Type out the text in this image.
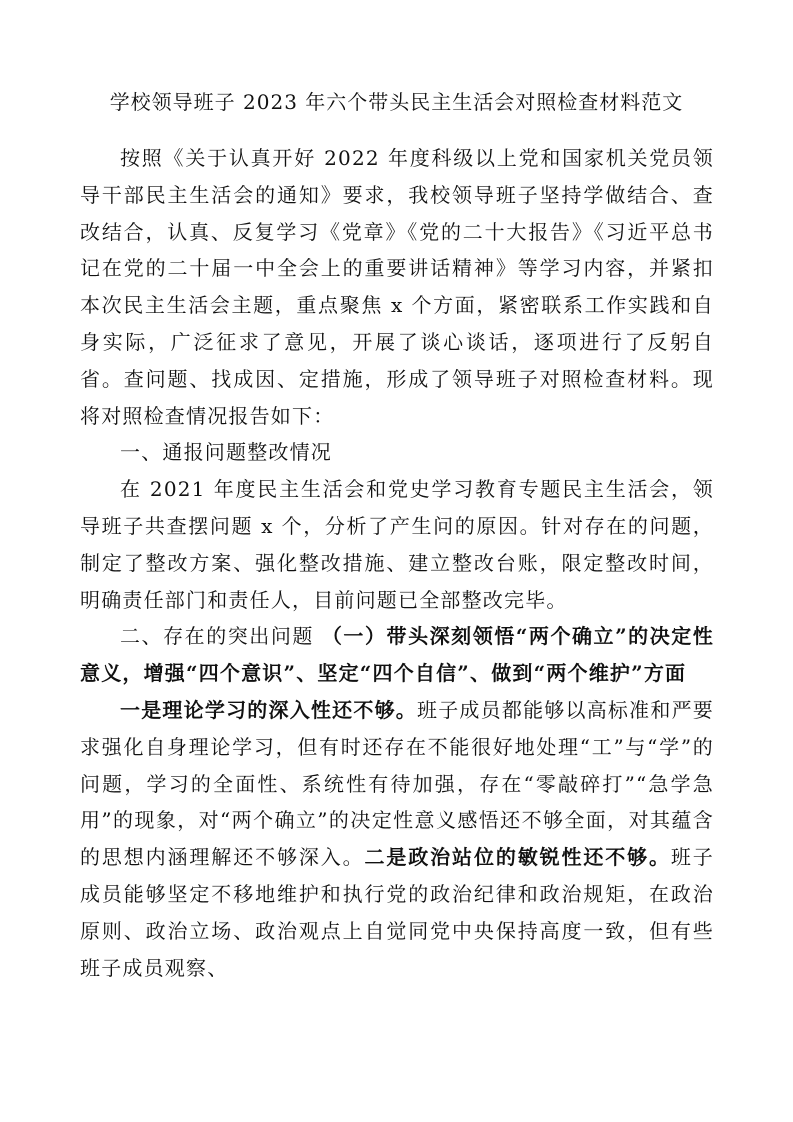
学校领导班子 2023 年六个带头民主生活会对照检查材料范文

按照《关于认真开好 2022 年度科级以上党和国家机关党员领导干部民主生活会的通知》要求，我校领导班子坚持学做结合、查改结合，认真、反复学习《党章》《党的二十大报告》《习近平总书记在党的二十届一中全会上的重要讲话精神》等学习内容，并紧扣本次民主生活会主题，重点聚焦 x 个方面，紧密联系工作实践和自身实际，广泛征求了意见，开展了谈心谈话，逐项进行了反躬自省。查问题、找成因、定措施，形成了领导班子对照检查材料。现将对照检查情况报告如下：

一、通报问题整改情况

在 2021 年度民主生活会和党史学习教育专题民主生活会，领导班子共查摆问题 x 个，分析了产生问的原因。针对存在的问题，制定了整改方案、强化整改措施、建立整改台账，限定整改时间，明确责任部门和责任人，目前问题已全部整改完毕。

二、存在的突出问题 （一）带头深刻领悟“两个确立”的决定性意义，增强“四个意识”、坚定“四个自信”、做到“两个维护”方面

一是理论学习的深入性还不够。班子成员都能够以高标准和严要求强化自身理论学习，但有时还存在不能很好地处理“工”与“学”的问题，学习的全面性、系统性有待加强，存在“零敲碎打”“急学急用”的现象，对“两个确立”的决定性意义感悟还不够全面，对其蕴含的思想内涵理解还不够深入。二是政治站位的敏锐性还不够。班子成员能够坚定不移地维护和执行党的政治纪律和政治规矩，在政治原则、政治立场、政治观点上自觉同党中央保持高度一致，但有些班子成员观察、
